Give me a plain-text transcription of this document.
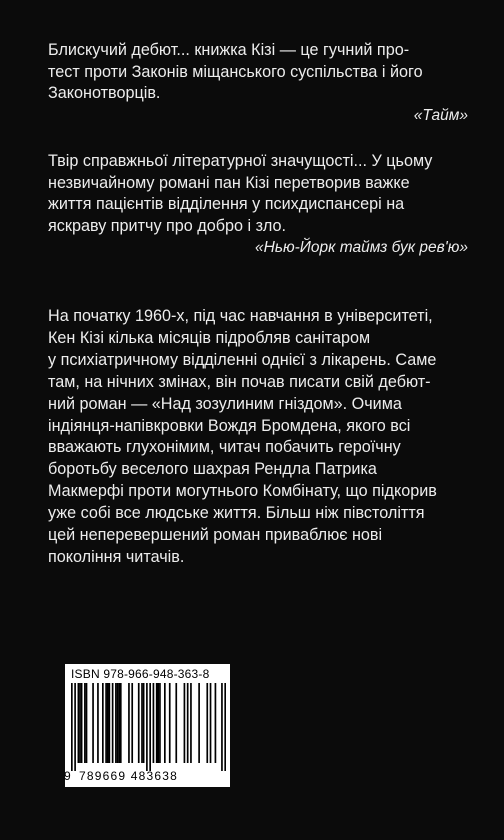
Блискучий дебют... книжка Кізі — це гучний про-
тест проти Законів міщанського суспільства і його
Законотворців.
«Тайм»
Твір справжньої літературної значущості... У цьому
незвичайному романі пан Кізі перетворив важке
життя пацієнтів відділення у психдиспансері на
яскраву притчу про добро і зло.
«Нью-Йорк таймз бук рев'ю»
На початку 1960-х, під час навчання в університеті,
Кен Кізі кілька місяців підробляв санітаром
у психіатричному відділенні однієї з лікарень. Саме
там, на нічних змінах, він почав писати свій дебют-
ний роман — «Над зозулиним гніздом». Очима
індіянця-напівкровки Вождя Бромдена, якого всі
вважають глухонімим, читач побачить героїчну
боротьбу веселого шахрая Рендла Патрика
Макмерфі проти могутнього Комбінату, що підкорив
уже собі все людське життя. Більш ніж півстоліття
цей неперевершений роман приваблює нові
покоління читачів.
ISBN 978-966-948-363-8
9 789669 483638
